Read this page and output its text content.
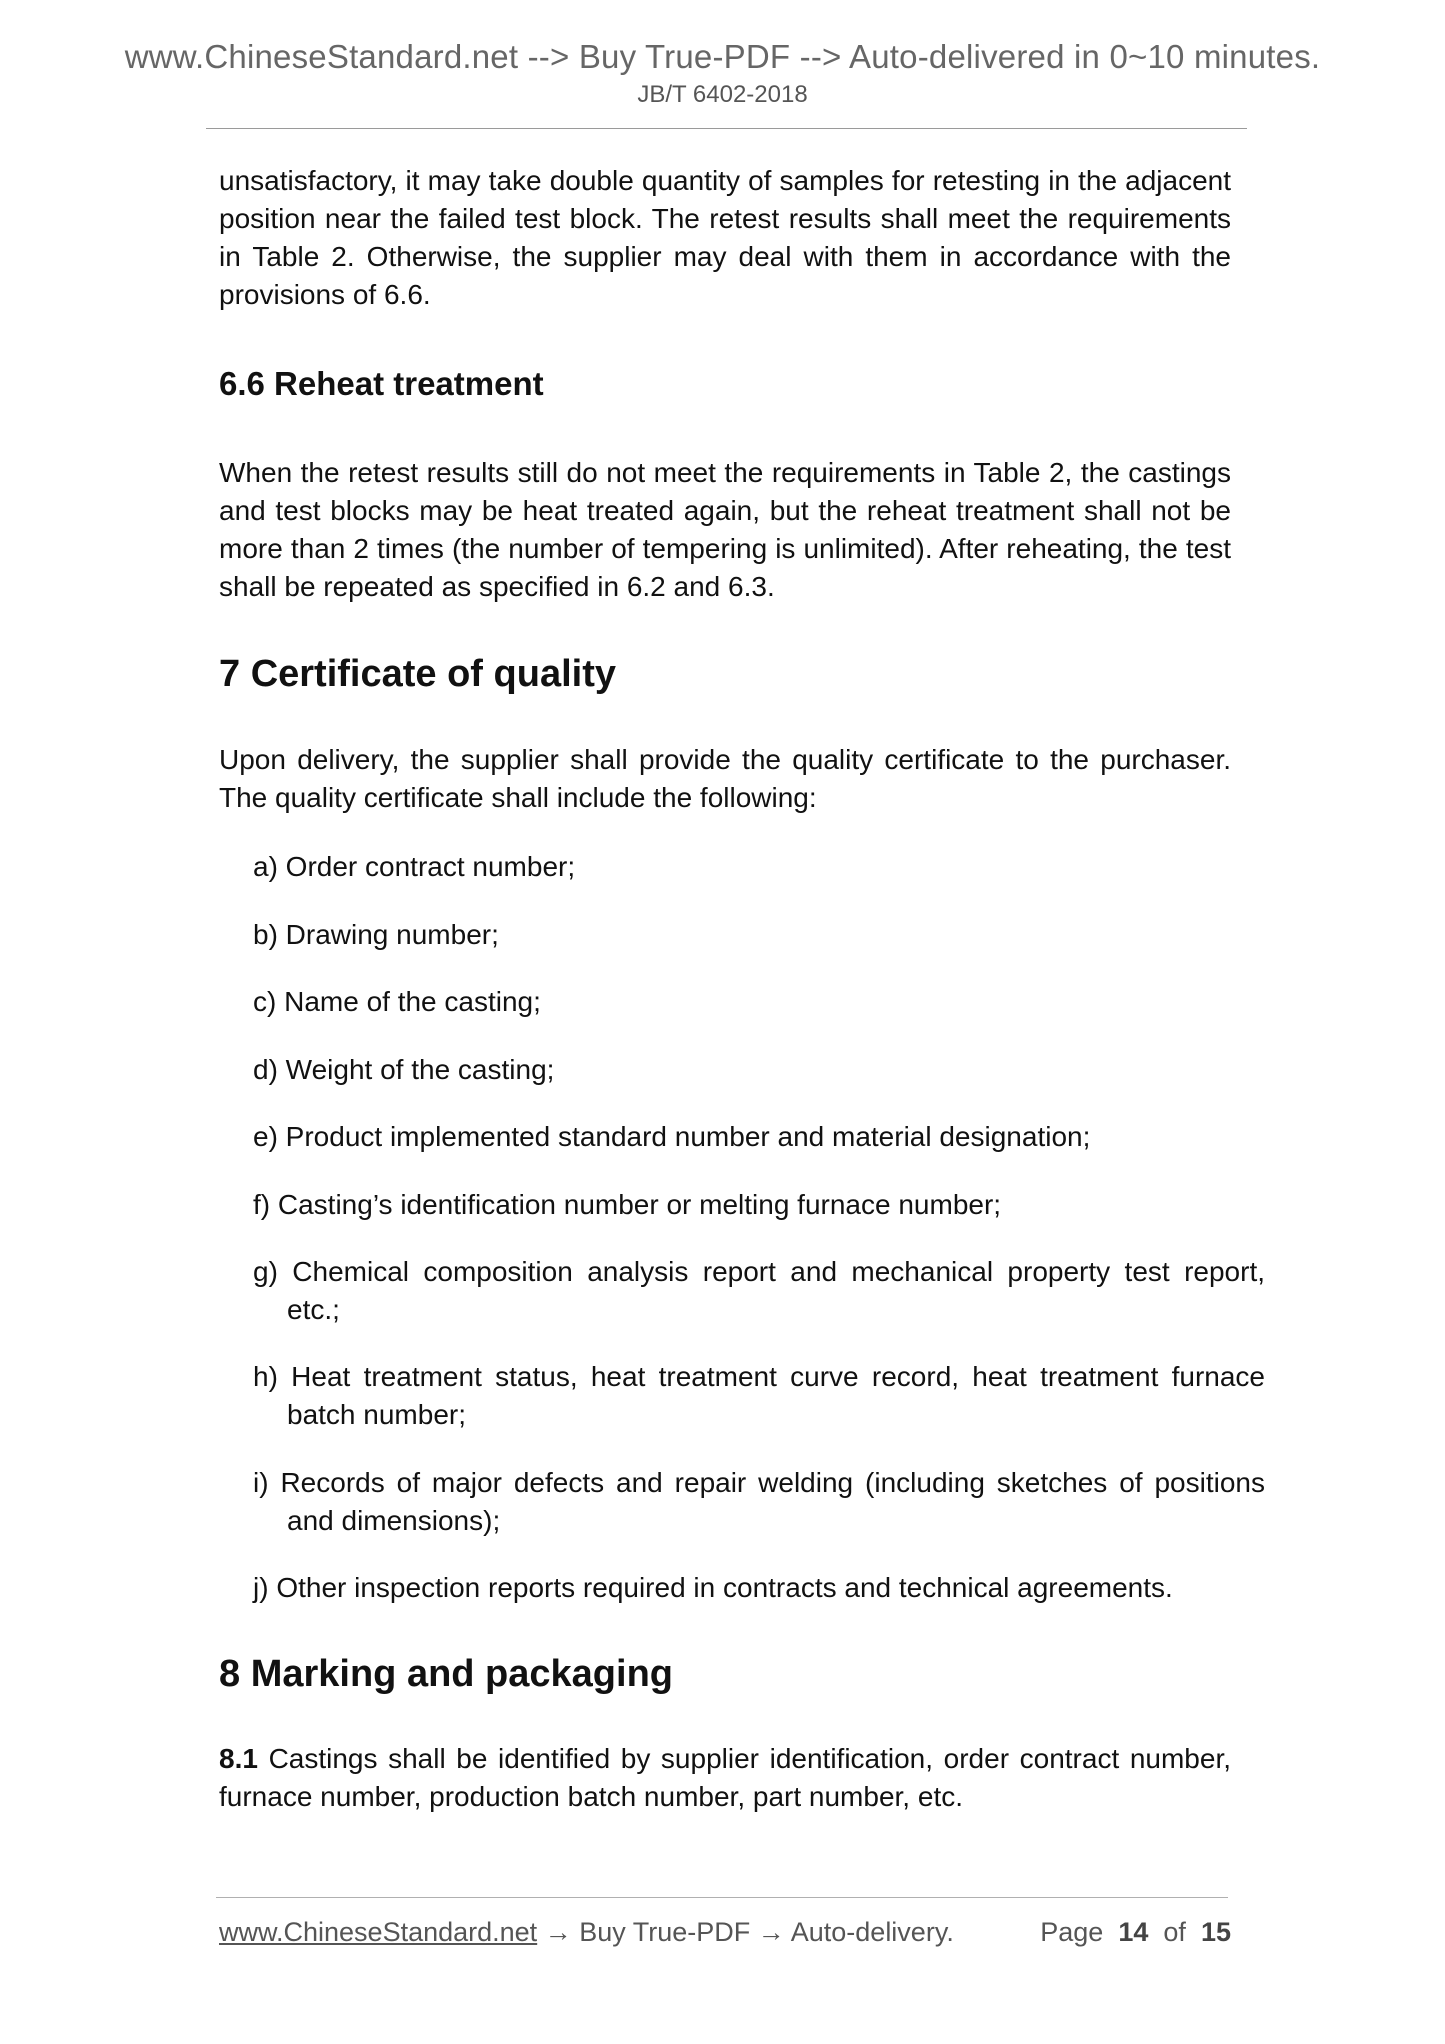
www.ChineseStandard.net --> Buy True-PDF --> Auto-delivered in 0~10 minutes.
JB/T 6402-2018

unsatisfactory, it may take double quantity of samples for retesting in the adjacent position near the failed test block. The retest results shall meet the requirements in Table 2. Otherwise, the supplier may deal with them in accordance with the provisions of 6.6.

6.6 Reheat treatment

When the retest results still do not meet the requirements in Table 2, the castings and test blocks may be heat treated again, but the reheat treatment shall not be more than 2 times (the number of tempering is unlimited). After reheating, the test shall be repeated as specified in 6.2 and 6.3.

7 Certificate of quality

Upon delivery, the supplier shall provide the quality certificate to the purchaser. The quality certificate shall include the following:

a) Order contract number;

b) Drawing number;

c) Name of the casting;

d) Weight of the casting;

e) Product implemented standard number and material designation;

f) Casting’s identification number or melting furnace number;

g) Chemical composition analysis report and mechanical property test report, etc.;

h) Heat treatment status, heat treatment curve record, heat treatment furnace batch number;

i) Records of major defects and repair welding (including sketches of positions and dimensions);

j) Other inspection reports required in contracts and technical agreements.

8 Marking and packaging

8.1 Castings shall be identified by supplier identification, order contract number, furnace number, production batch number, part number, etc.

www.ChineseStandard.net → Buy True-PDF → Auto-delivery.	Page 14 of 15
